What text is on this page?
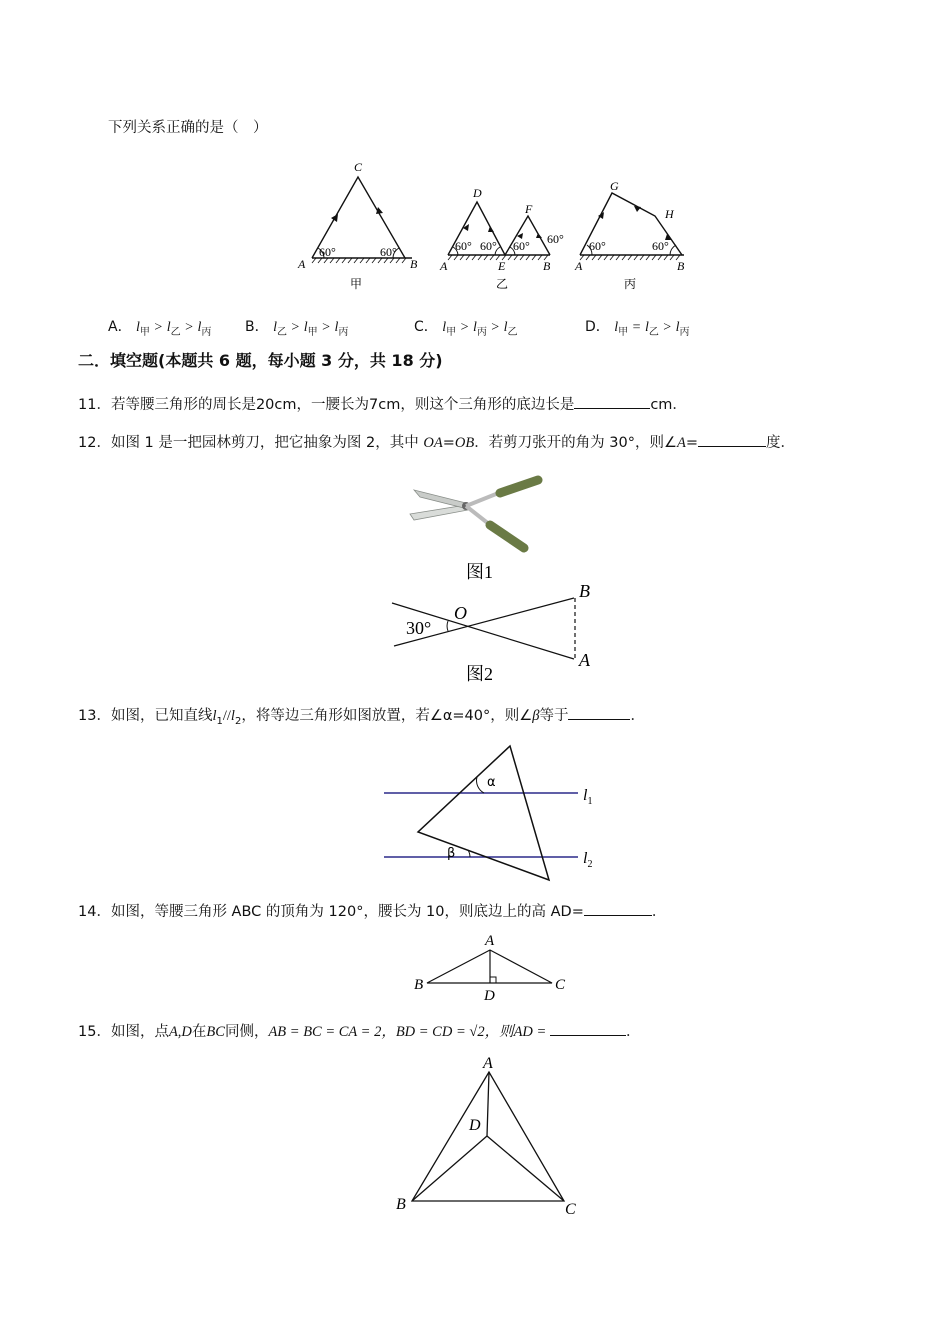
下列关系正确的是（　）
C
A	B
60°	60°
甲
D
F
A	E	B
60° 60° 60° 60°
乙
G
H
A	B
60°	60°
丙
A． $l_甲 > l_乙 > l_丙$ B． $l_乙 > l_甲 > l_丙$	C． $l_甲 > l_丙 > l_乙$	D． $l_甲 = l_乙 > l_丙$
二．填空题(本题共 6 题，每小题 3 分，共 18 分)
11．若等腰三角形的周长是20cm，一腰长为7cm，则这个三角形的底边长是	cm．
12．如图 1 是一把园林剪刀，把它抽象为图 2，其中 OA=OB．若剪刀张开的角为 30°，则∠A=	度．
图1
O
B
A
30°
图2
13．如图，已知直线$l_1//l_2$，将等边三角形如图放置，若∠α=40°，则∠β等于	．
α
β
$l_1$
$l_2$
14．如图，等腰三角形 ABC 的顶角为 120°，腰长为 10，则底边上的高 AD=	．
A
B	C
D
15．如图，点A,D在BC同侧，AB = BC = CA = 2，BD = CD = √2，则AD =	．
A
D
B	C
